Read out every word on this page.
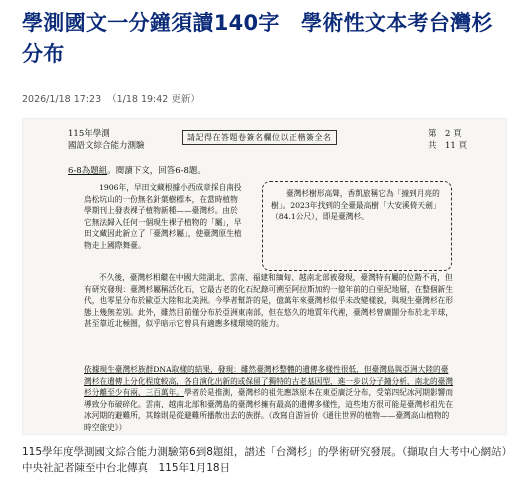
學測國文一分鐘須讀140字　學術性文本考台灣杉分布
2026/1/18 17:23 （1/18 19:42 更新）
115年學測
國語文綜合能力測驗
請記得在答題卷簽名欄位以正楷簽全名	第　2 頁
共　11 頁
6-8為題組。閱讀下文，回答6-8題。
1906年，早田文藏根據小西成章採自南投烏松坑山的一份無名針葉樹標本，在當時植物學期刊上發表裸子植物新種——臺灣杉。由於它無法歸入任何一個現生裸子植物的「屬」，早田文藏因此新立了「臺灣杉屬」，使臺灣原生植物走上國際舞臺。
臺灣杉樹形高聳，香凱旅稱它為「撞到月亮的樹」。2023年找到的全臺最高樹「大安溪倚天劍」（84.1公尺），即是臺灣杉。
不久後，臺灣杉相繼在中國大陸湖北、雲南、福建和緬甸、越南北部被發現，臺灣特有屬的位階不再，但有研究發現：臺灣杉屬稱活化石，它最古老的化石紀錄可溯至阿拉斯加約一億年前的白堊紀地層，在整個新生代，也零星分布於歐亞大陸和北美洲。今學者幫許的是，億萬年來臺灣杉似乎未改變樣貌，與現生臺灣杉在形態上幾無差別。此外，雖然目前僅分布於亞洲東南部，但在悠久的地質年代裡，臺灣杉曾廣闊分布於北半球，甚至靠近北極圈，似乎暗示它曾具有適應多樣環境的能力。
依據現生臺灣杉族群DNA取樣的結果，發現：雖然臺灣杉整體的遺傳多樣性很低，但臺灣島與亞洲大陸的臺灣杉在遺傳上分化程度較高，各自演化出新的或保留了獨特的古老基因型，進一步以分子鐘分析，南北的臺灣杉分離至少有兩、三百萬年。學者於是推測，臺灣杉的祖先應該原本在東亞廣泛分布，受第四紀冰河期影響而導致分布破碎化。雲南、越南北部和臺灣島的臺灣杉擁有最高的遺傳多樣性，這些地方很可能是臺灣杉祖先在冰河期的避難所，其餘則是從避難所播散出去的族群。（改寫自游旨价《通往世界的植物——臺灣高山植物的時空旅史》）
115學年度學測國文綜合能力測驗第6到8題組，譜述「台灣杉」的學術研究發展。（擷取自大考中心網站）中央社記者陳至中台北傳真　115年1月18日
